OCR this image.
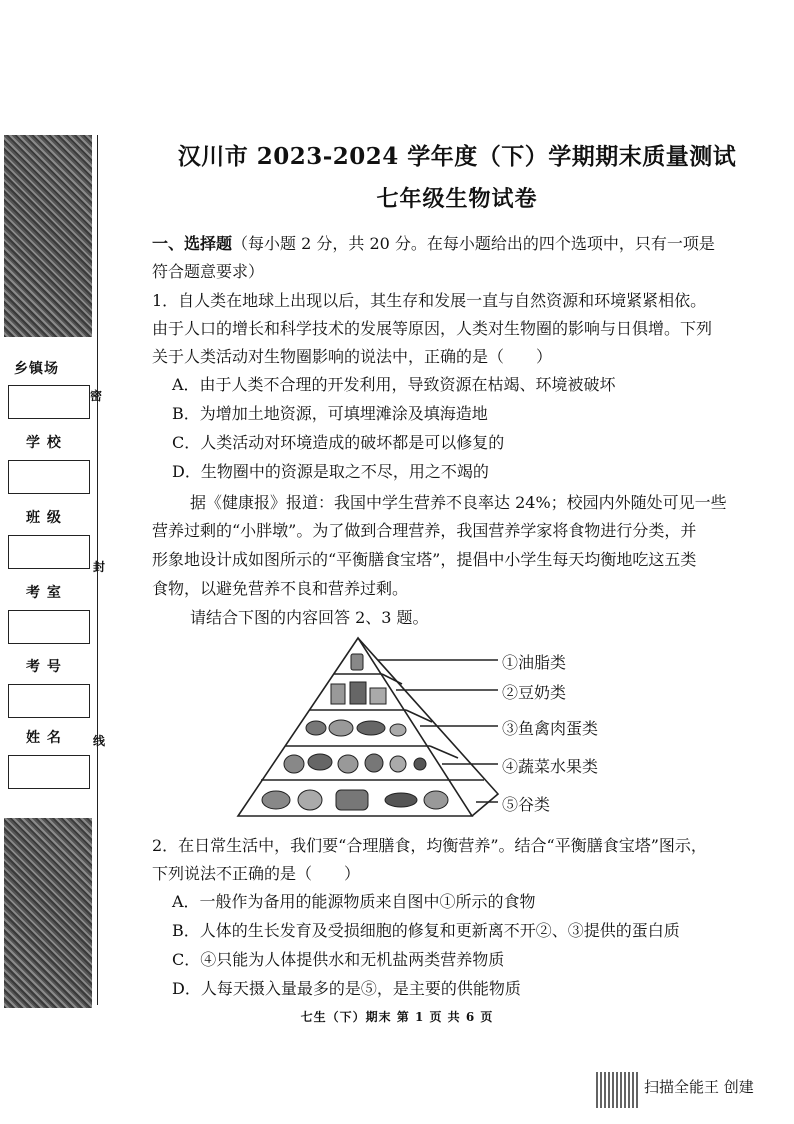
乡镇场
学 校
班 级
考 室
考 号
姓 名
密
封
线
汉川市 2023-2024 学年度（下）学期期末质量测试
七年级生物试卷
一、选择题（每小题 2 分，共 20 分。在每小题给出的四个选项中，只有一项是
符合题意要求）
1．自人类在地球上出现以后，其生存和发展一直与自然资源和环境紧紧相依。
由于人口的增长和科学技术的发展等原因，人类对生物圈的影响与日俱增。下列
关于人类活动对生物圈影响的说法中，正确的是（　　）
A．由于人类不合理的开发利用，导致资源在枯竭、环境被破坏
B．为增加土地资源，可填埋滩涂及填海造地
C．人类活动对环境造成的破坏都是可以修复的
D．生物圈中的资源是取之不尽，用之不竭的
据《健康报》报道：我国中学生营养不良率达 24%；校园内外随处可见一些
营养过剩的“小胖墩”。为了做到合理营养，我国营养学家将食物进行分类，并
形象地设计成如图所示的“平衡膳食宝塔”，提倡中小学生每天均衡地吃这五类
食物，以避免营养不良和营养过剩。
请结合下图的内容回答 2、3 题。
①油脂类
②豆奶类
③鱼禽肉蛋类
④蔬菜水果类
⑤谷类
2．在日常生活中，我们要“合理膳食，均衡营养”。结合“平衡膳食宝塔”图示，
下列说法不正确的是（　　）
A．一般作为备用的能源物质来自图中①所示的食物
B．人体的生长发育及受损细胞的修复和更新离不开②、③提供的蛋白质
C．④只能为人体提供水和无机盐两类营养物质
D．人每天摄入量最多的是⑤，是主要的供能物质
七生（下）期末 第 1 页 共 6 页
扫描全能王 创建
